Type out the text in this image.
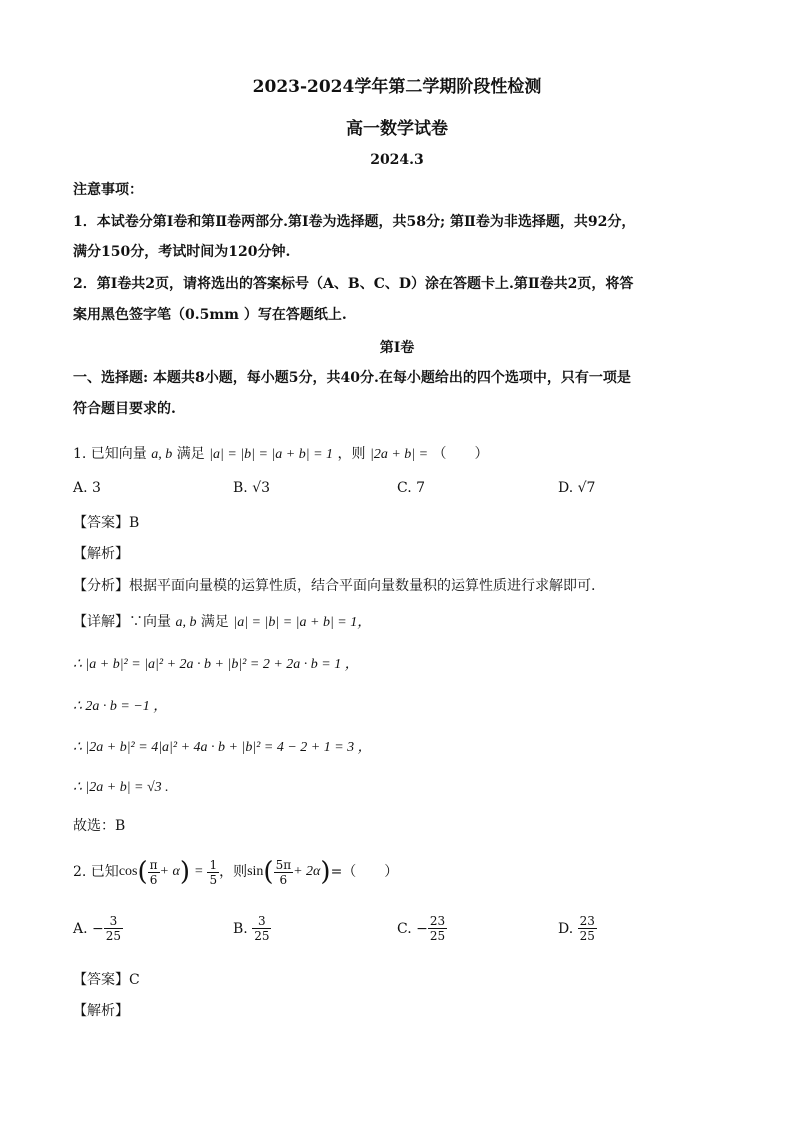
2023-2024学年第二学期阶段性检测
高一数学试卷
2024.3
注意事项：
1．本试卷分第Ⅰ卷和第Ⅱ卷两部分.第Ⅰ卷为选择题，共58分; 第Ⅱ卷为非选择题，共92分，
满分150分，考试时间为120分钟.
2．第Ⅰ卷共2页，请将选出的答案标号（A、B、C、D）涂在答题卡上.第Ⅱ卷共2页，将答
案用黑色签字笔（0.5mm ）写在答题纸上.
第Ⅰ卷
一、选择题: 本题共8小题，每小题5分，共40分.在每小题给出的四个选项中，只有一项是
符合题目要求的.
1. 已知向量 a, b 满足 |a| = |b| = |a + b| = 1 ，则 |2a + b| = （　　）
A. 3	B. √3	C. 7	D. √7
【答案】B
【解析】
【分析】根据平面向量模的运算性质，结合平面向量数量积的运算性质进行求解即可.
【详解】∵向量 a, b 满足 |a| = |b| = |a + b| = 1，
∴ |a + b|² = |a|² + 2a · b + |b|² = 2 + 2a · b = 1 ，
∴ 2a · b = −1 ，
∴ |2a + b|² = 4|a|² + 4a · b + |b|² = 4 − 2 + 1 = 3 ，
∴ |2a + b| = √3 .
故选：B
2. 已知 cos ( $\frac{\pi}{6} + \alpha$ ) = $\frac{1}{5}$ ，则 sin ( $\frac{5\pi}{6} + 2\alpha$ ) =（　　）
A.
− $\frac{3}{25}$	B.
$\frac{3}{25}$	C.
− $\frac{23}{25}$	D.
$\frac{23}{25}$
【答案】C
【解析】
